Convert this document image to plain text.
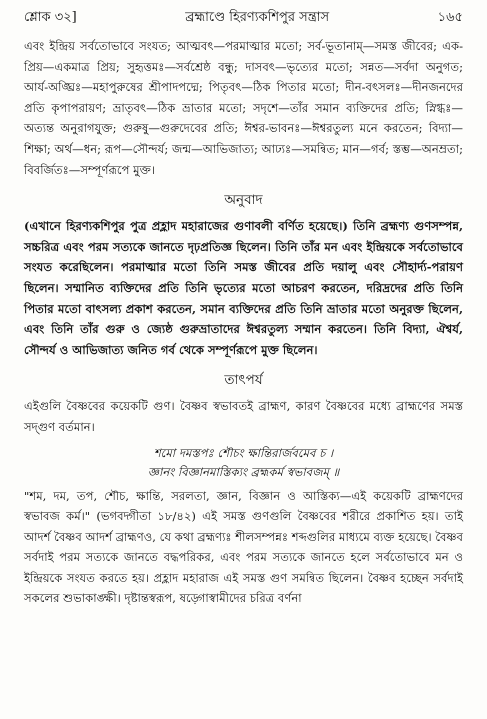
শ্লোক ৩২]	ব্রহ্মাণ্ডে হিরণ্যকশিপুর সন্ত্রাস	১৬৫

এবং ইন্দ্রিয় সর্বতোভাবে সংযত; আত্মবৎ—পরমাত্মার মতো; সর্ব-ভূতানাম্—সমস্ত জীবের; এক-প্রিয়—একমাত্র প্রিয়; সুহৃত্তমঃ—সর্বশ্রেষ্ঠ বন্ধু; দাসবৎ—ভৃত্যের মতো; সন্নত—সর্বদা অনুগত; আর্য-অঙ্ঘ্রিঃ—মহাপুরুষের শ্রীপাদপদ্মে; পিতৃবৎ—ঠিক পিতার মতো; দীন-বৎসলঃ—দীনজনদের প্রতি কৃপাপরায়ণ; ভ্রাতৃবৎ—ঠিক ভ্রাতার মতো; সদৃশে—তাঁর সমান ব্যক্তিদের প্রতি; স্নিগ্ধঃ—অত্যন্ত অনুরাগযুক্ত; গুরুষু—গুরুদেবের প্রতি; ঈশ্বর-ভাবনঃ—ঈশ্বরতুল্য মনে করতেন; বিদ্যা—শিক্ষা; অর্থ—ধন; রূপ—সৌন্দর্য; জন্ম—আভিজাত্য; আঢ্যঃ—সমন্বিত; মান—গর্ব; স্তম্ভ—অনম্রতা; বিবর্জিতঃ—সম্পূর্ণরূপে মুক্ত।

অনুবাদ

(এখানে হিরণ্যকশিপুর পুত্র প্রহ্লাদ মহারাজের গুণাবলী বর্ণিত হয়েছে।) তিনি ব্রহ্মণ্য গুণসম্পন্ন, সচ্চরিত্র এবং পরম সত্যকে জানতে দৃঢ়প্রতিজ্ঞ ছিলেন। তিনি তাঁর মন এবং ইন্দ্রিয়কে সর্বতোভাবে সংযত করেছিলেন। পরমাত্মার মতো তিনি সমস্ত জীবের প্রতি দয়ালু এবং সৌহার্দ্য-পরায়ণ ছিলেন। সম্মানিত ব্যক্তিদের প্রতি তিনি ভৃত্যের মতো আচরণ করতেন, দরিদ্রদের প্রতি তিনি পিতার মতো বাৎসল্য প্রকাশ করতেন, সমান ব্যক্তিদের প্রতি তিনি ভ্রাতার মতো অনুরক্ত ছিলেন, এবং তিনি তাঁর গুরু ও জ্যেষ্ঠ গুরুভ্রাতাদের ঈশ্বরতুল্য সম্মান করতেন। তিনি বিদ্যা, ঐশ্বর্য, সৌন্দর্য ও আভিজাত্য জনিত গর্ব থেকে সম্পূর্ণরূপে মুক্ত ছিলেন।

তাৎপর্য

এইগুলি বৈষ্ণবের কয়েকটি গুণ। বৈষ্ণব স্বভাবতই ব্রাহ্মণ, কারণ বৈষ্ণবের মধ্যে ব্রাহ্মণের সমস্ত সদ্গুণ বর্তমান।

শমো দমস্তপঃ শৌচং ক্ষান্তিরার্জবমেব চ ।
জ্ঞানং বিজ্ঞানমাস্তিক্যং ব্রহ্মকর্ম স্বভাবজম্ ॥

"শম, দম, তপ, শৌচ, ক্ষান্তি, সরলতা, জ্ঞান, বিজ্ঞান ও আস্তিক্য—এই কয়েকটি ব্রাহ্মণদের স্বভাবজ কর্ম।" (ভগবদ্গীতা ১৮/৪২) এই সমস্ত গুণগুলি বৈষ্ণবের শরীরে প্রকাশিত হয়। তাই আদর্শ বৈষ্ণব আদর্শ ব্রাহ্মণও, যে কথা ব্রহ্মণ্যঃ শীলসম্পন্নঃ শব্দগুলির মাধ্যমে ব্যক্ত হয়েছে। বৈষ্ণব সর্বদাই পরম সত্যকে জানতে বদ্ধপরিকর, এবং পরম সত্যকে জানতে হলে সর্বতোভাবে মন ও ইন্দ্রিয়কে সংযত করতে হয়। প্রহ্লাদ মহারাজ এই সমস্ত গুণ সমন্বিত ছিলেন। বৈষ্ণব হচ্ছেন সর্বদাই সকলের শুভাকাঙ্ক্ষী। দৃষ্টান্তস্বরূপ, ষড়্গোস্বামীদের চরিত্র বর্ণনা
